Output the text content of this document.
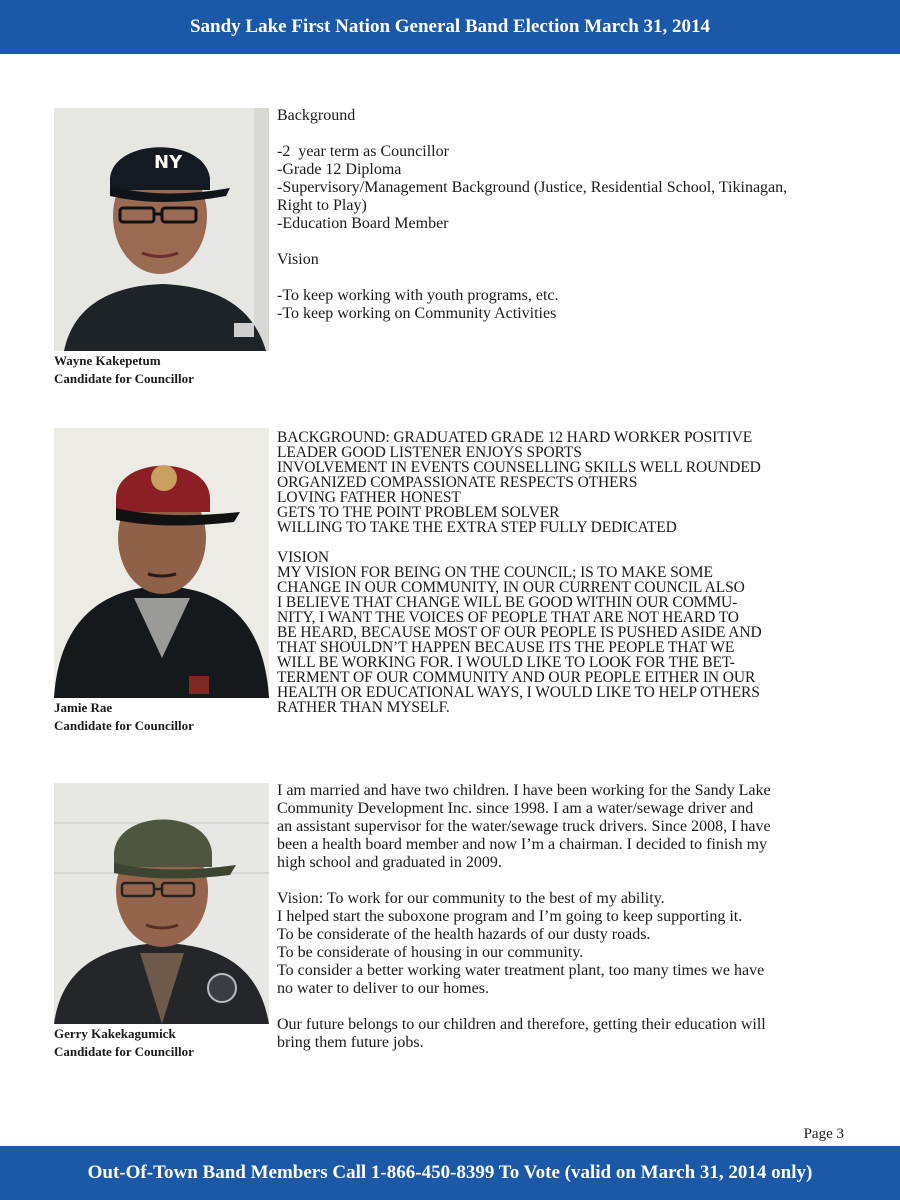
Sandy Lake First Nation General Band Election March 31, 2014
NY
Wayne Kakepetum
Candidate for Councillor
Background
-2  year term as Councillor
-Grade 12 Diploma
-Supervisory/Management Background (Justice, Residential School, Tikinagan,
Right to Play)
-Education Board Member
Vision
-To keep working with youth programs, etc.
-To keep working on Community Activities
Jamie Rae
Candidate for Councillor
BACKGROUND: GRADUATED GRADE 12 HARD WORKER POSITIVE
LEADER GOOD LISTENER ENJOYS SPORTS
INVOLVEMENT IN EVENTS COUNSELLING SKILLS WELL ROUNDED
ORGANIZED COMPASSIONATE RESPECTS OTHERS
LOVING FATHER HONEST
GETS TO THE POINT PROBLEM SOLVER
WILLING TO TAKE THE EXTRA STEP FULLY DEDICATED
VISION
MY VISION FOR BEING ON THE COUNCIL; IS TO MAKE SOME
CHANGE IN OUR COMMUNITY, IN OUR CURRENT COUNCIL ALSO
I BELIEVE THAT CHANGE WILL BE GOOD WITHIN OUR COMMU-
NITY, I WANT THE VOICES OF PEOPLE THAT ARE NOT HEARD TO
BE HEARD, BECAUSE MOST OF OUR PEOPLE IS PUSHED ASIDE AND
THAT SHOULDN’T HAPPEN BECAUSE ITS THE PEOPLE THAT WE
WILL BE WORKING FOR. I WOULD LIKE TO LOOK FOR THE BET-
TERMENT OF OUR COMMUNITY AND OUR PEOPLE EITHER IN OUR
HEALTH OR EDUCATIONAL WAYS, I WOULD LIKE TO HELP OTHERS
RATHER THAN MYSELF.
Gerry Kakekagumick
Candidate for Councillor
I am married and have two children. I have been working for the Sandy Lake
Community Development Inc. since 1998. I am a water/sewage driver and
an assistant supervisor for the water/sewage truck drivers. Since 2008, I have
been a health board member and now I’m a chairman. I decided to finish my
high school and graduated in 2009.
Vision: To work for our community to the best of my ability.
I helped start the suboxone program and I’m going to keep supporting it.
To be considerate of the health hazards of our dusty roads.
To be considerate of housing in our community.
To consider a better working water treatment plant, too many times we have
no water to deliver to our homes.
Our future belongs to our children and therefore, getting their education will
bring them future jobs.
Page 3
Out-Of-Town Band Members Call 1-866-450-8399 To Vote (valid on March 31, 2014 only)
